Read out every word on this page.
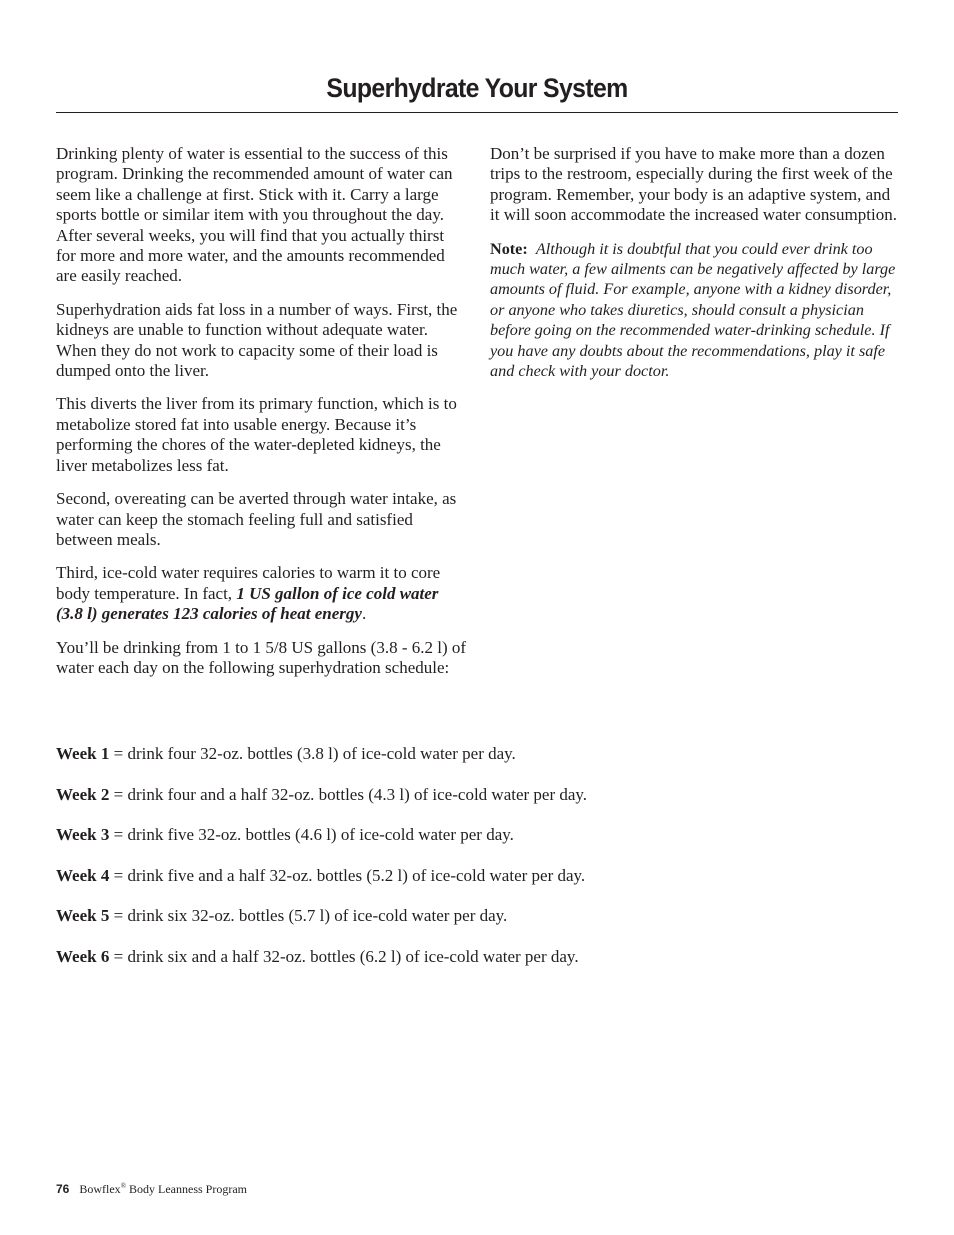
Superhydrate Your System

Drinking plenty of water is essential to the success of this program. Drinking the recommended amount of water can seem like a challenge at first. Stick with it. Carry a large sports bottle or similar item with you throughout the day. After several weeks, you will find that you actually thirst for more and more water, and the amounts recommended are easily reached.

Superhydration aids fat loss in a number of ways. First, the kidneys are unable to function without adequate water. When they do not work to capacity some of their load is dumped onto the liver.

This diverts the liver from its primary function, which is to metabolize stored fat into usable energy. Because it’s performing the chores of the water-depleted kidneys, the liver metabolizes less fat.

Second, overeating can be averted through water intake, as water can keep the stomach feeling full and satisfied between meals.

Third, ice-cold water requires calories to warm it to core body temperature. In fact, 1 US gallon of ice cold water (3.8 l) generates 123 calories of heat energy.

You’ll be drinking from 1 to 1 5/8 US gallons (3.8 - 6.2 l) of water each day on the following superhydration schedule:

Don’t be surprised if you have to make more than a dozen trips to the restroom, especially during the first week of the program. Remember, your body is an adaptive system, and it will soon accommodate the increased water consumption.

Note: Although it is doubtful that you could ever drink too much water, a few ailments can be negatively affected by large amounts of fluid. For example, anyone with a kidney disorder, or anyone who takes diuretics, should consult a physician before going on the recommended water-drinking schedule. If you have any doubts about the recommendations, play it safe and check with your doctor.

Week 1 = drink four 32-oz. bottles (3.8 l) of ice-cold water per day.
Week 2 = drink four and a half 32-oz. bottles (4.3 l) of ice-cold water per day.
Week 3 = drink five 32-oz. bottles (4.6 l) of ice-cold water per day.
Week 4 = drink five and a half 32-oz. bottles (5.2 l) of ice-cold water per day.
Week 5 = drink six 32-oz. bottles (5.7 l) of ice-cold water per day.
Week 6 = drink six and a half 32-oz. bottles (6.2 l) of ice-cold water per day.
76 Bowflex® Body Leanness Program
